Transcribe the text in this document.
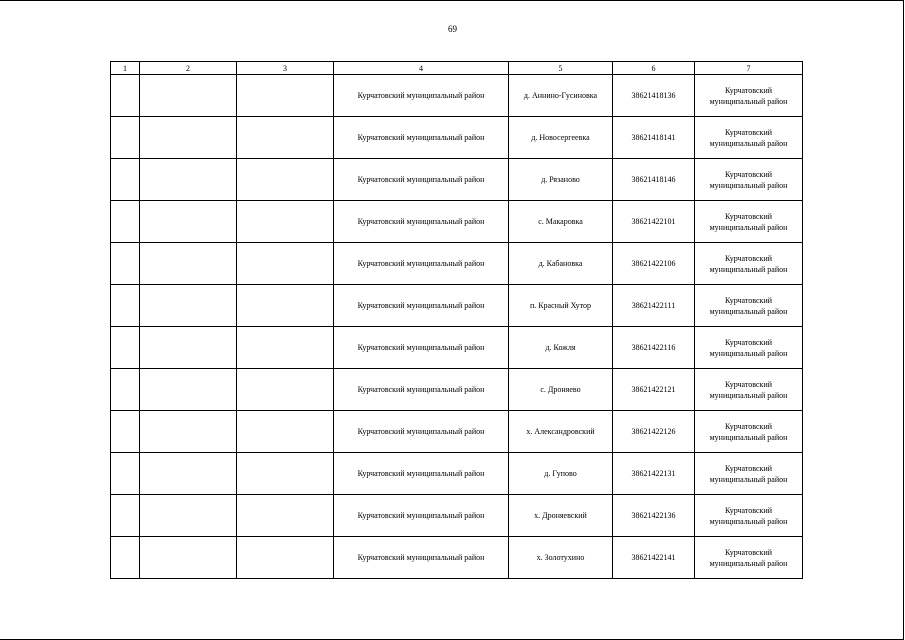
69
1	2	3	4	5	6	7
			Курчатовский муниципальный район	д. Аннино-Гусиновка	38621418136	Курчатовский муниципальный район
			Курчатовский муниципальный район	д. Новосергеевка	38621418141	Курчатовский муниципальный район
			Курчатовский муниципальный район	д. Рязаново	38621418146	Курчатовский муниципальный район
			Курчатовский муниципальный район	с. Макаровка	38621422101	Курчатовский муниципальный район
			Курчатовский муниципальный район	д. Кабановка	38621422106	Курчатовский муниципальный район
			Курчатовский муниципальный район	п. Красный Хутор	38621422111	Курчатовский муниципальный район
			Курчатовский муниципальный район	д. Кожля	38621422116	Курчатовский муниципальный район
			Курчатовский муниципальный район	с. Дроняево	38621422121	Курчатовский муниципальный район
			Курчатовский муниципальный район	х. Александровский	38621422126	Курчатовский муниципальный район
			Курчатовский муниципальный район	д. Гупово	38621422131	Курчатовский муниципальный район
			Курчатовский муниципальный район	х. Дроняевский	38621422136	Курчатовский муниципальный район
			Курчатовский муниципальный район	х. Золотухино	38621422141	Курчатовский муниципальный район
